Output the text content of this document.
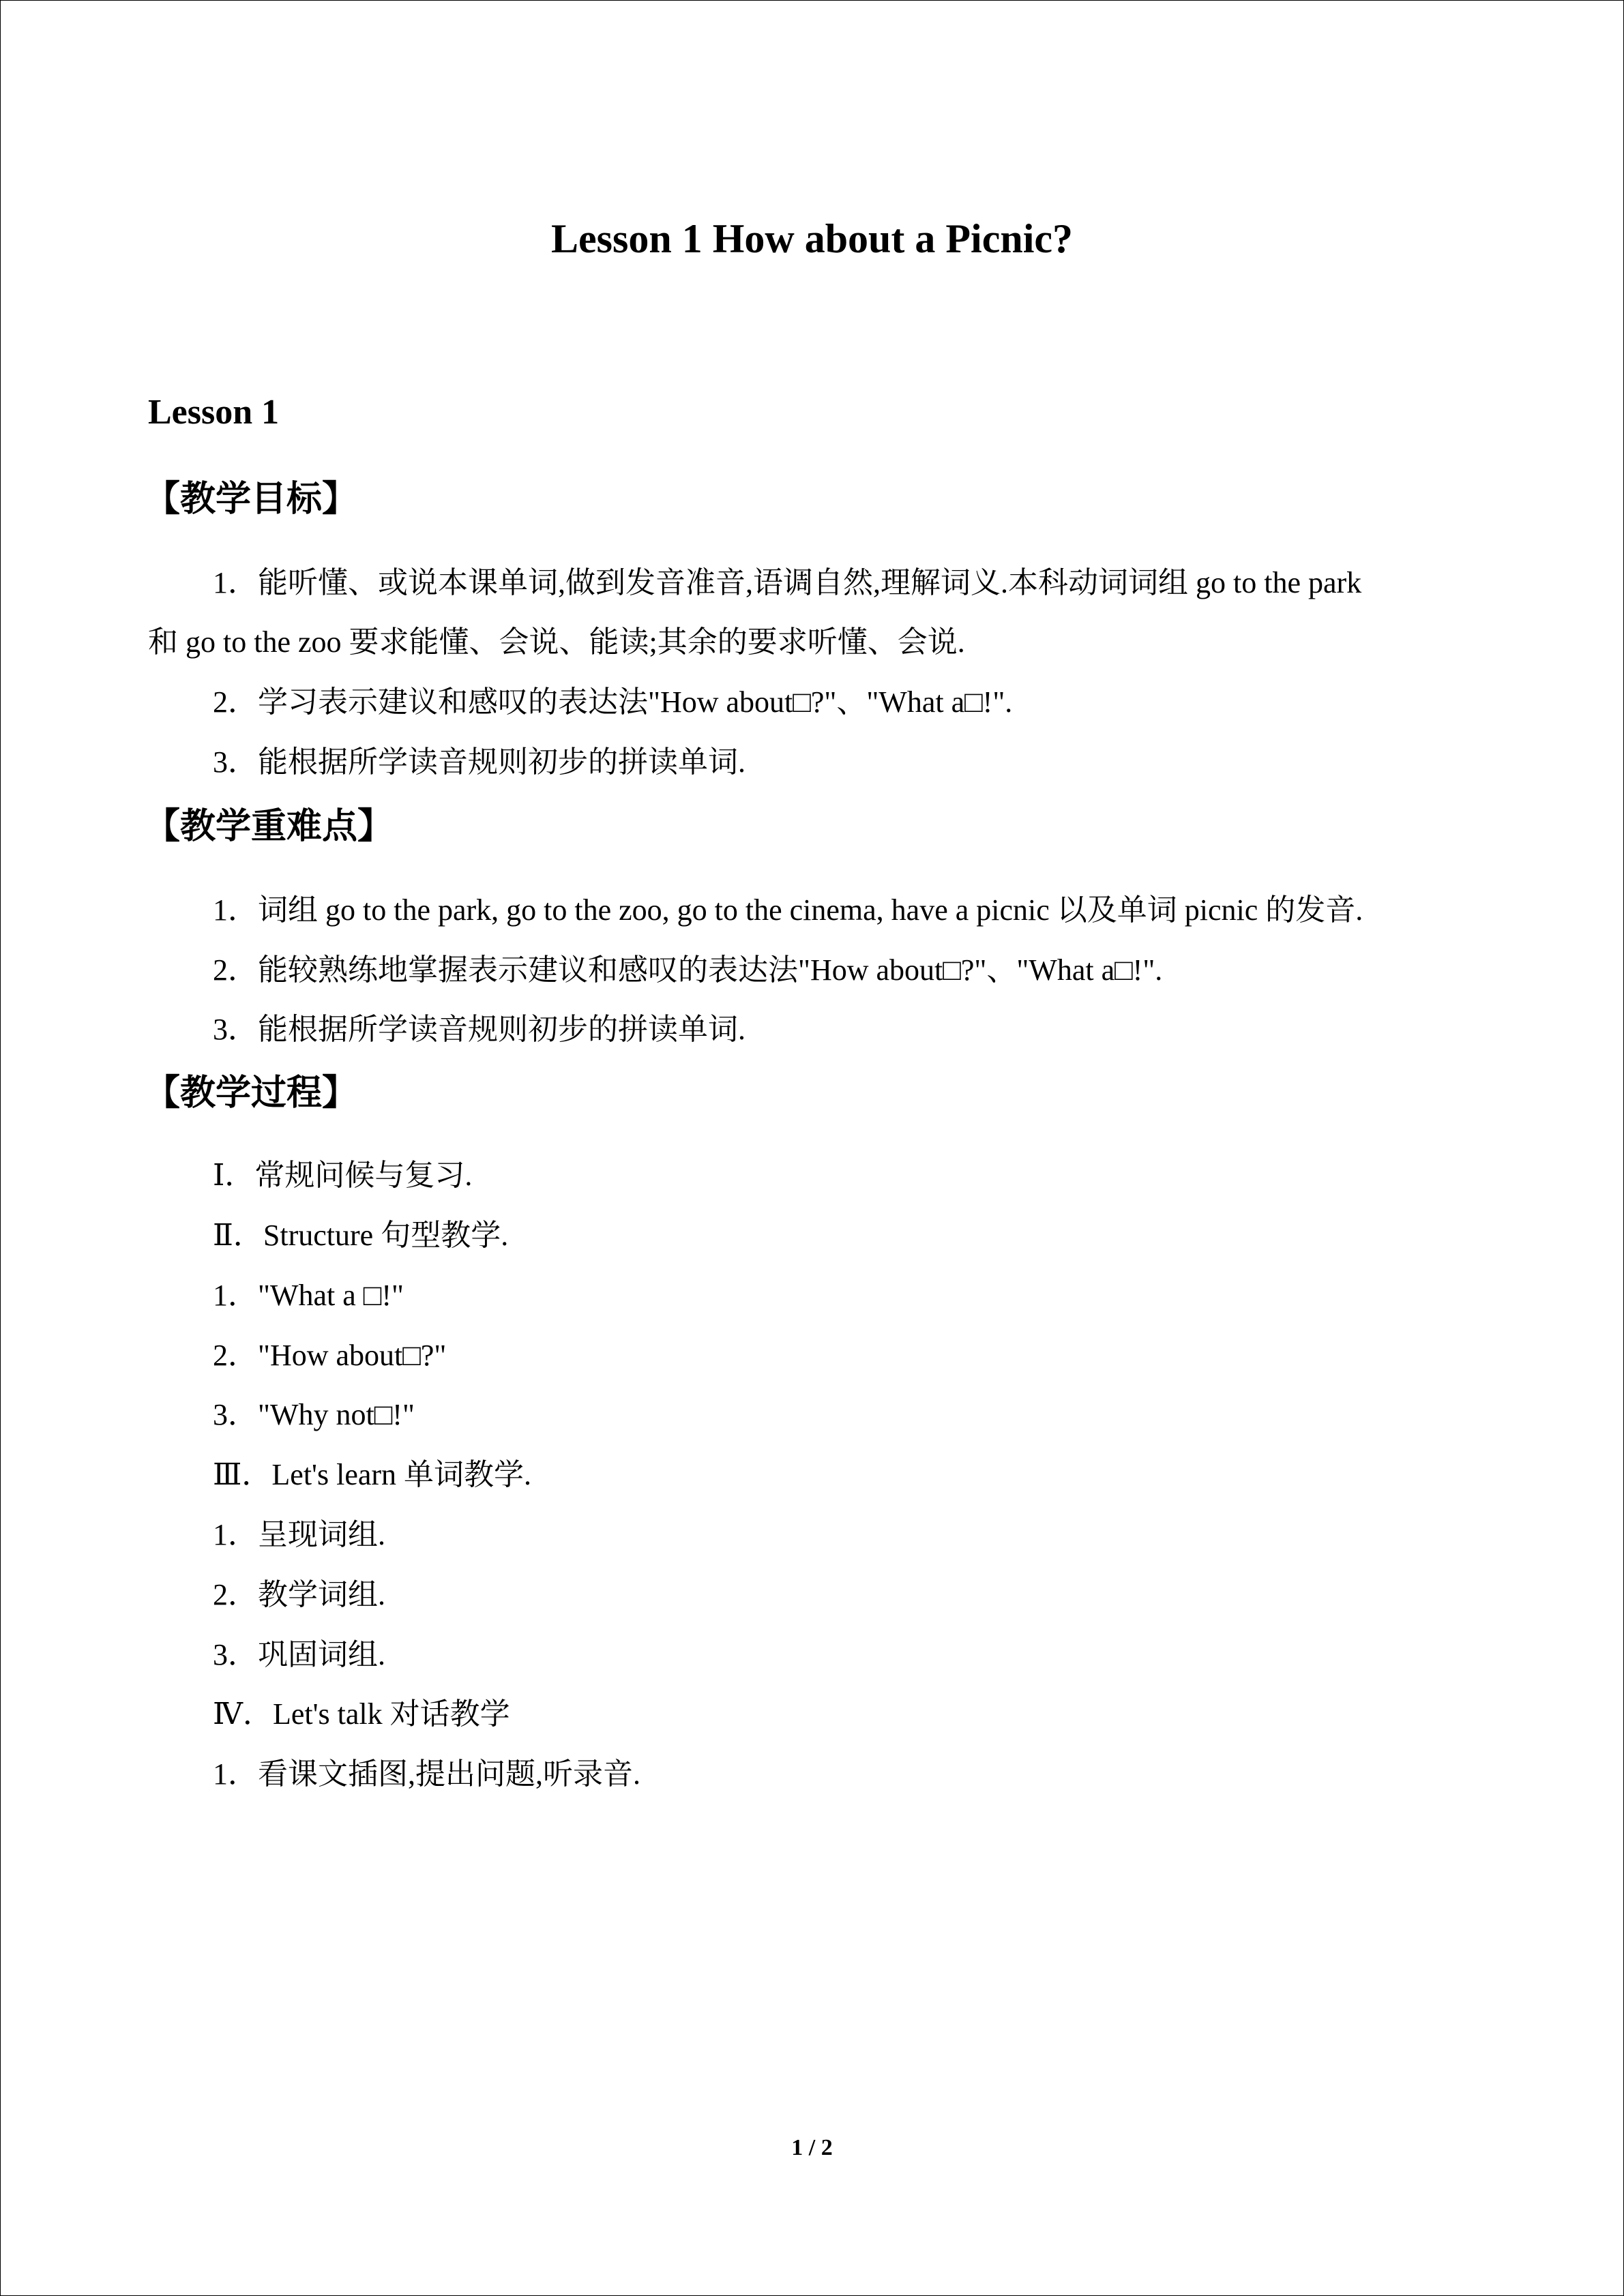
Lesson 1 How about a Picnic?
Lesson 1
【教学目标】
1．能听懂、或说本课单词,做到发音准音,语调自然,理解词义.本科动词词组 go to the park
和 go to the zoo 要求能懂、会说、能读;其余的要求听懂、会说.
2．学习表示建议和感叹的表达法"How about□?"、"What a□!".
3．能根据所学读音规则初步的拼读单词.
【教学重难点】
1．词组 go to the park, go to the zoo, go to the cinema, have a picnic 以及单词 picnic 的发音.
2．能较熟练地掌握表示建议和感叹的表达法"How about□?"、"What a□!".
3．能根据所学读音规则初步的拼读单词.
【教学过程】
Ⅰ．常规问候与复习.
Ⅱ．Structure 句型教学.
1．"What a □!"
2．"How about□?"
3．"Why not□!"
Ⅲ．Let's learn 单词教学.
1．呈现词组.
2．教学词组.
3．巩固词组.
Ⅳ．Let's talk 对话教学
1．看课文插图,提出问题,听录音.
1 / 2
